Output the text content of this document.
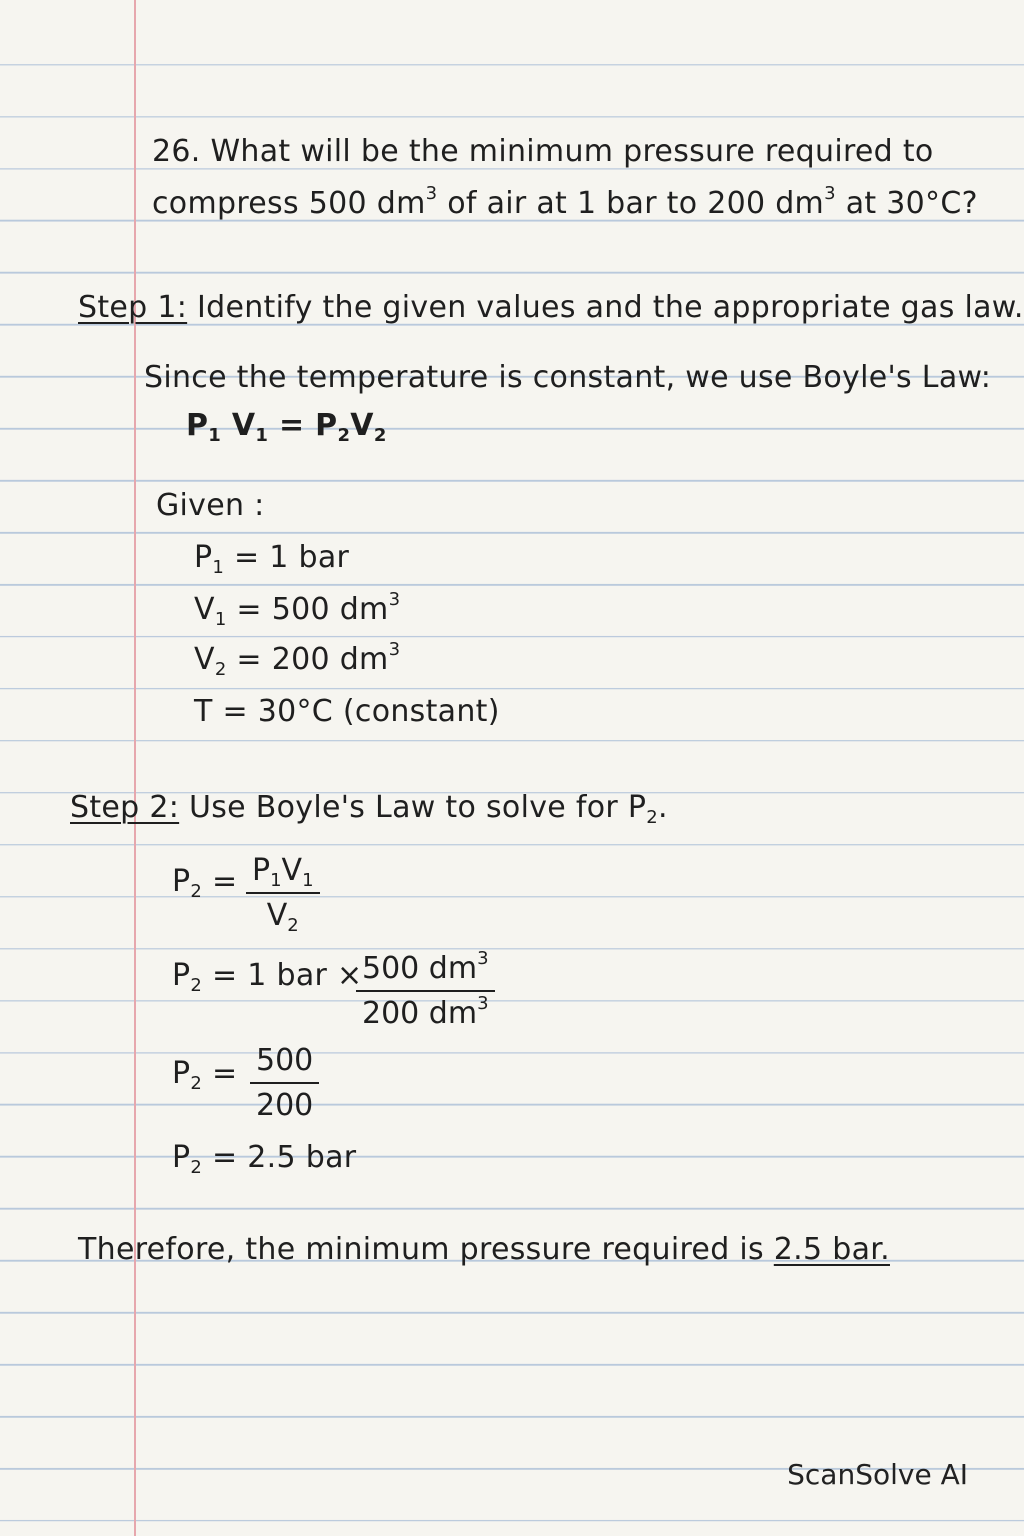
26. What will be the minimum pressure required to
compress 500 $dm^3$ of air at 1 bar to 200 $dm^3$ at 30°C?
Step 1: Identify the given values and the appropriate gas law.
Since the temperature is constant, we use Boyle's Law:
$P_1$ $V_1 = P_2V_2$
Given :
$P_1 = 1$ bar
$V_1 = 500$ $dm^3$
$V_2 = 200$ $dm^3$
T = 30°C (constant)
Step 2: Use Boyle's Law to solve for $P_2$.
$P_2 = \frac{P_1V_1}{V_2}$
$P_2 = 1$ bar ×
$\frac{500 dm^3}{200 dm^3}$
$P_2 = \frac{500}{200}$
$P_2 = 2.5$ bar
Therefore, the minimum pressure required is 2.5 bar.
ScanSolve AI
